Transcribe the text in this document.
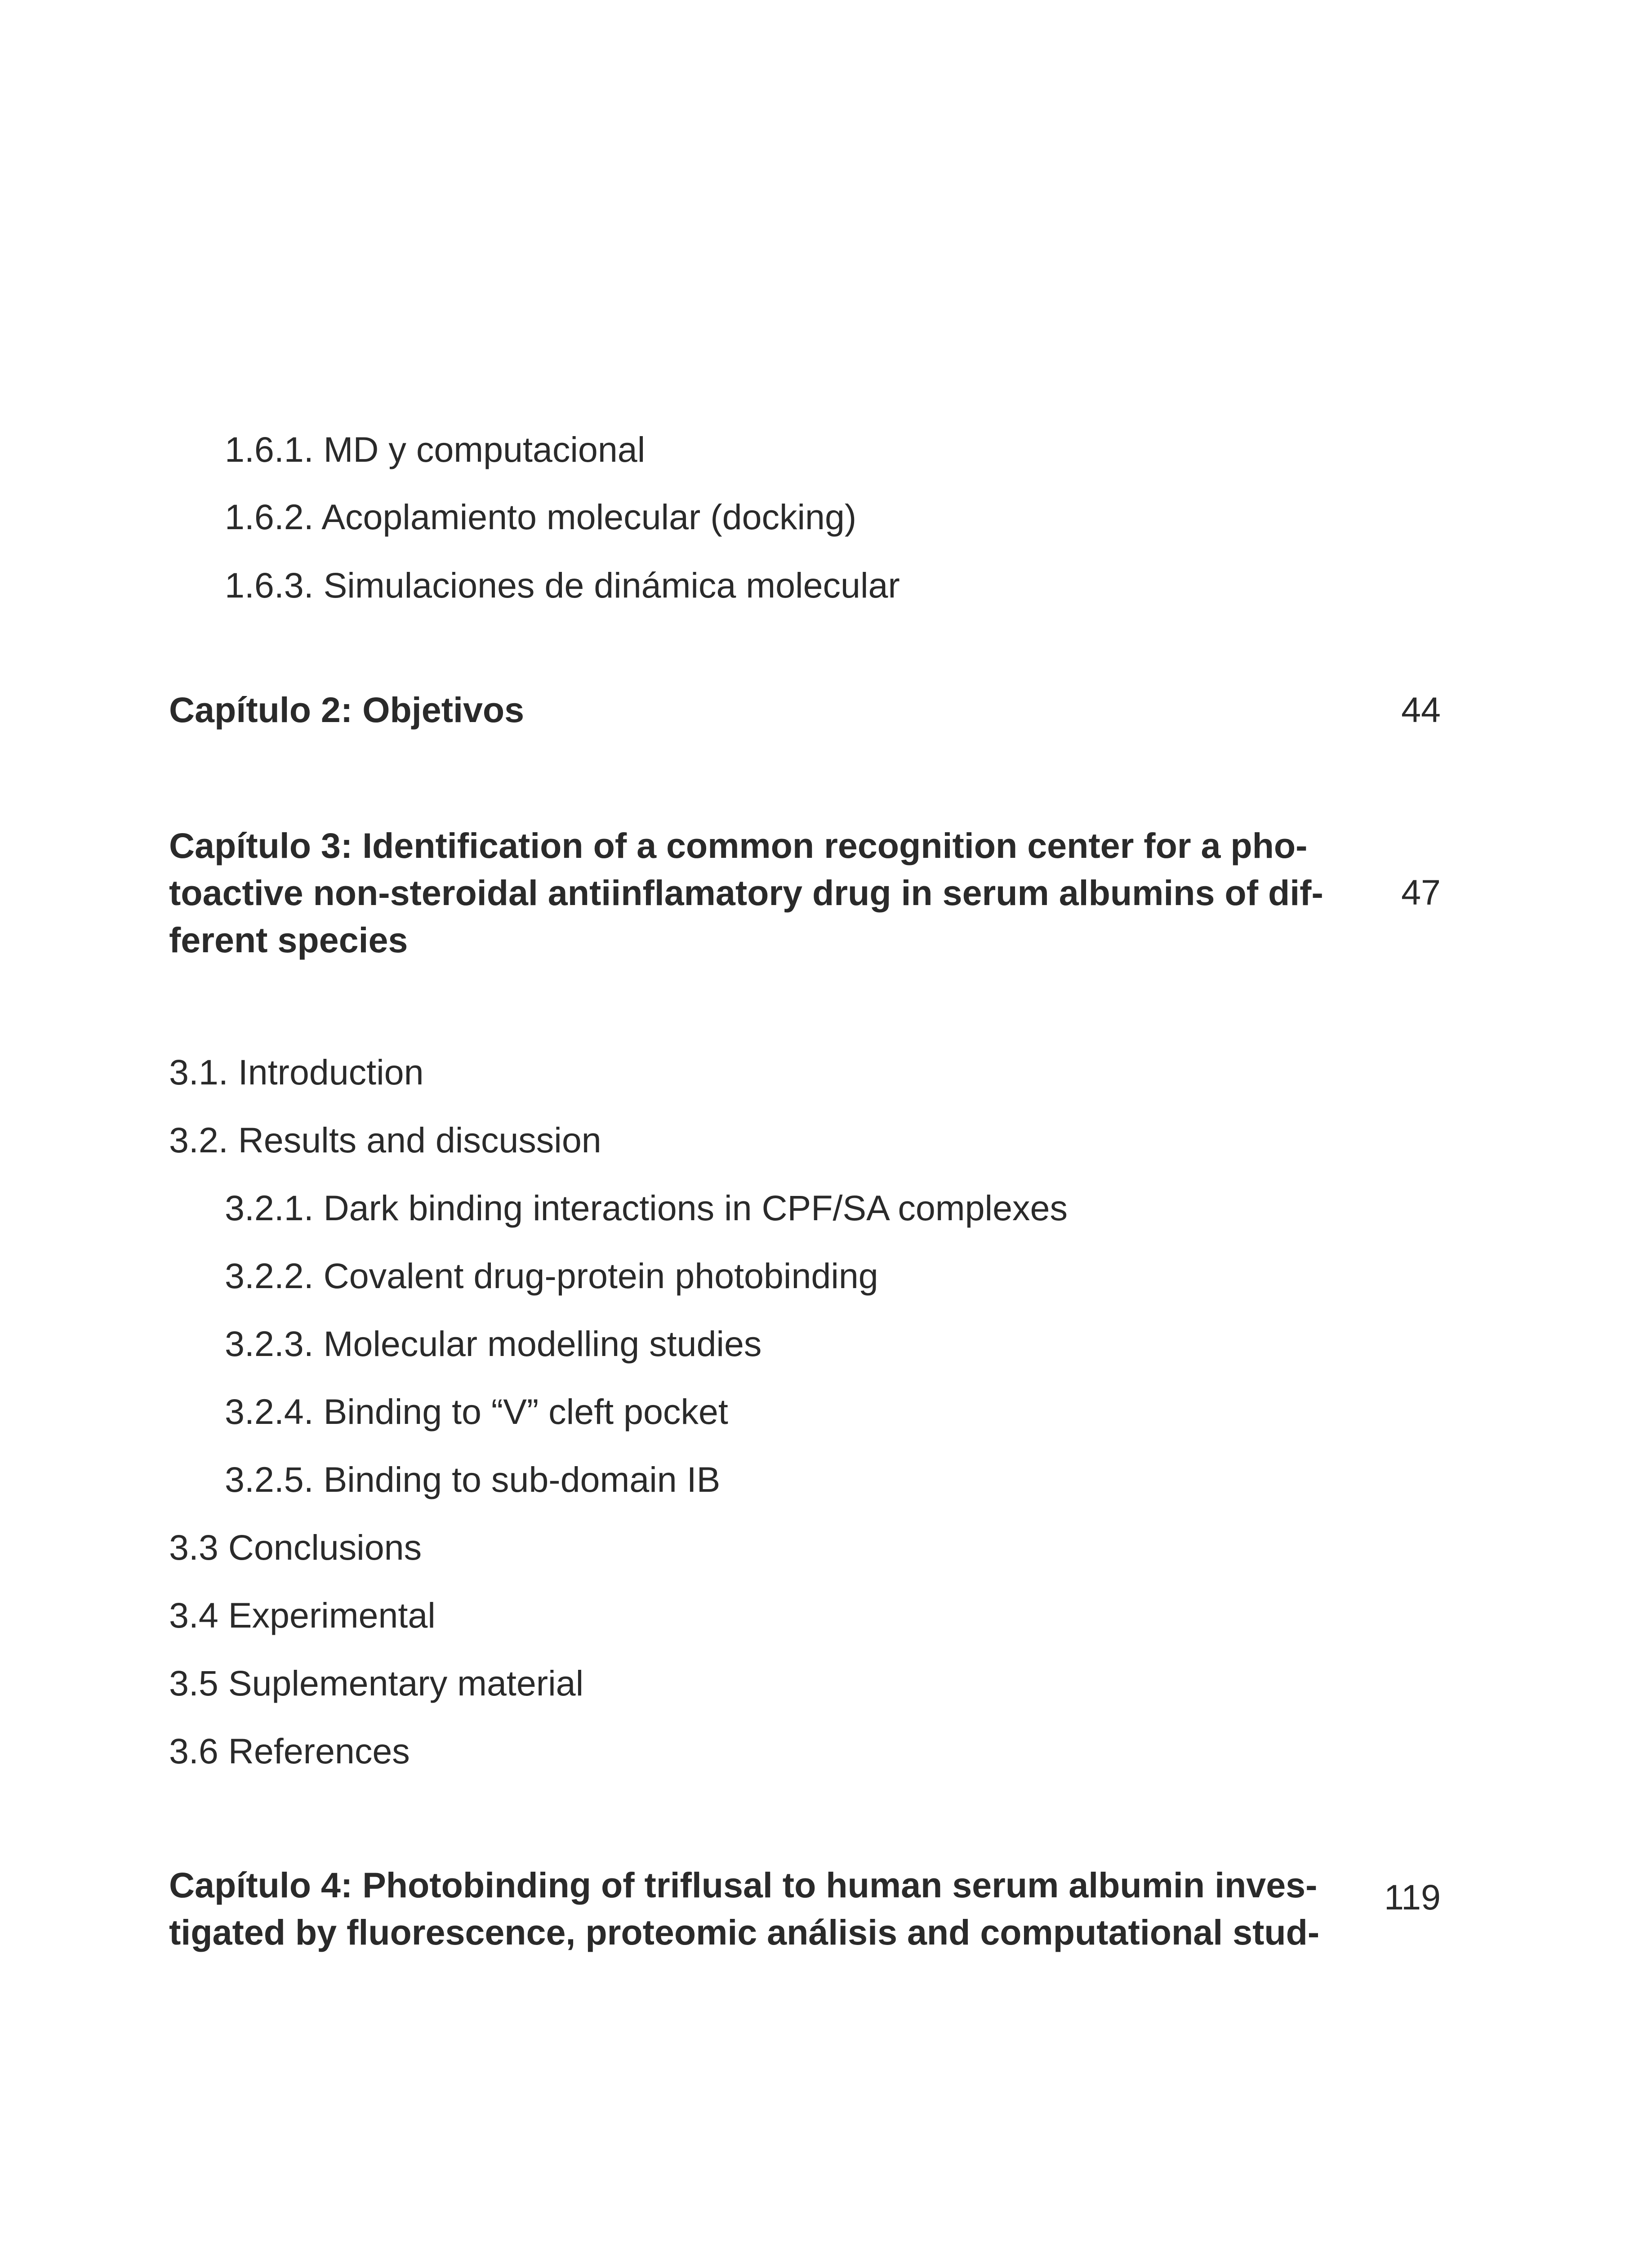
1.6.1. MD y computacional

1.6.2. Acoplamiento molecular (docking)

1.6.3. Simulaciones de dinámica molecular

Capítulo 2: Objetivos	44

Capítulo 3: Identification of a common recognition center for a pho-
toactive non-steroidal antiinflamatory drug in serum albumins of dif-
ferent species

47

3.1. Introduction

3.2. Results and discussion

3.2.1. Dark binding interactions in CPF/SA complexes

3.2.2. Covalent drug-protein photobinding

3.2.3. Molecular modelling studies

3.2.4. Binding to “V” cleft pocket

3.2.5. Binding to sub-domain IB

3.3 Conclusions

3.4 Experimental

3.5 Suplementary material

3.6 References

Capítulo 4: Photobinding of triflusal to human serum albumin inves-
tigated by fluorescence, proteomic análisis and computational stud-

119
